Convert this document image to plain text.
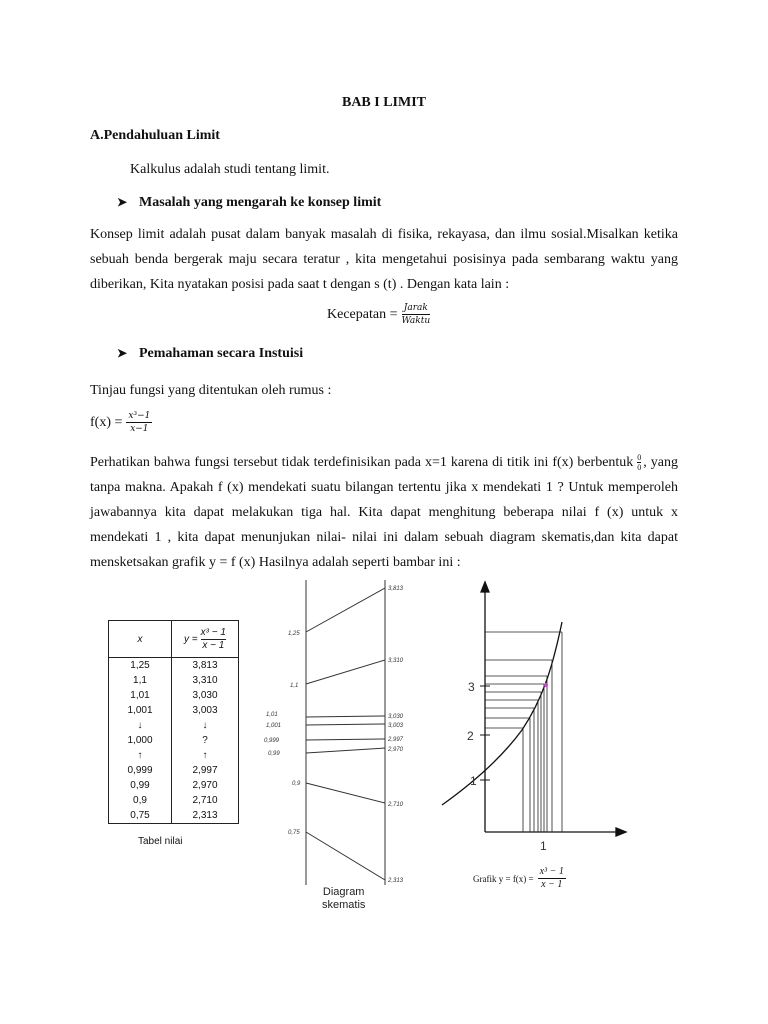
BAB I LIMIT
A.Pendahuluan Limit
Kalkulus adalah studi tentang limit.
➤ Masalah yang mengarah ke konsep limit
Konsep limit adalah pusat dalam banyak masalah di fisika, rekayasa, dan ilmu sosial.Misalkan ketika sebuah benda bergerak maju secara teratur , kita mengetahui posisinya pada sembarang waktu yang diberikan, Kita nyatakan posisi pada saat t dengan s (t) . Dengan kata lain :
Kecepatan = $\frac{\text{Jarak}}{\text{Waktu}}$
➤ Pemahaman secara Instuisi
Tinjau fungsi yang ditentukan oleh rumus :
$f(x) = \frac{\text{x³−1}}{x-1}$
Perhatikan bahwa fungsi tersebut tidak terdefinisikan pada x=1 karena di titik ini f(x) berbentuk $\frac{0}{0}$ , yang tanpa makna. Apakah f (x) mendekati suatu bilangan tertentu jika x mendekati 1 ? Untuk memperoleh jawabannya kita dapat melakukan tiga hal. Kita dapat menghitung beberapa nilai f (x) untuk x mendekati 1 , kita dapat menunjukan nilai- nilai ini dalam sebuah diagram skematis,dan kita dapat mensketsakan grafik y = f (x) Hasilnya adalah seperti bambar ini :
x	$y = \frac{\text{x³ − 1}}{x - 1}$

1,25	3,813
1,1	3,310
1,01	3,030
1,001	3,003
↓	↓
1,000	?
↑	↑
0,999	2,997
0,99	2,970
0,9	2,710
0,75	2,313
Tabel nilai
1,25
1,1
1,01
1,001
0,999
0,99
0,9
0,75
3,813
3,310
3,030
3,003
2,997
2,970
2,710
2,313
Diagram
skematis
1
2
3
1
Grafik $y = f(x) = \frac{\text{x³ − 1}}{x - 1}$
